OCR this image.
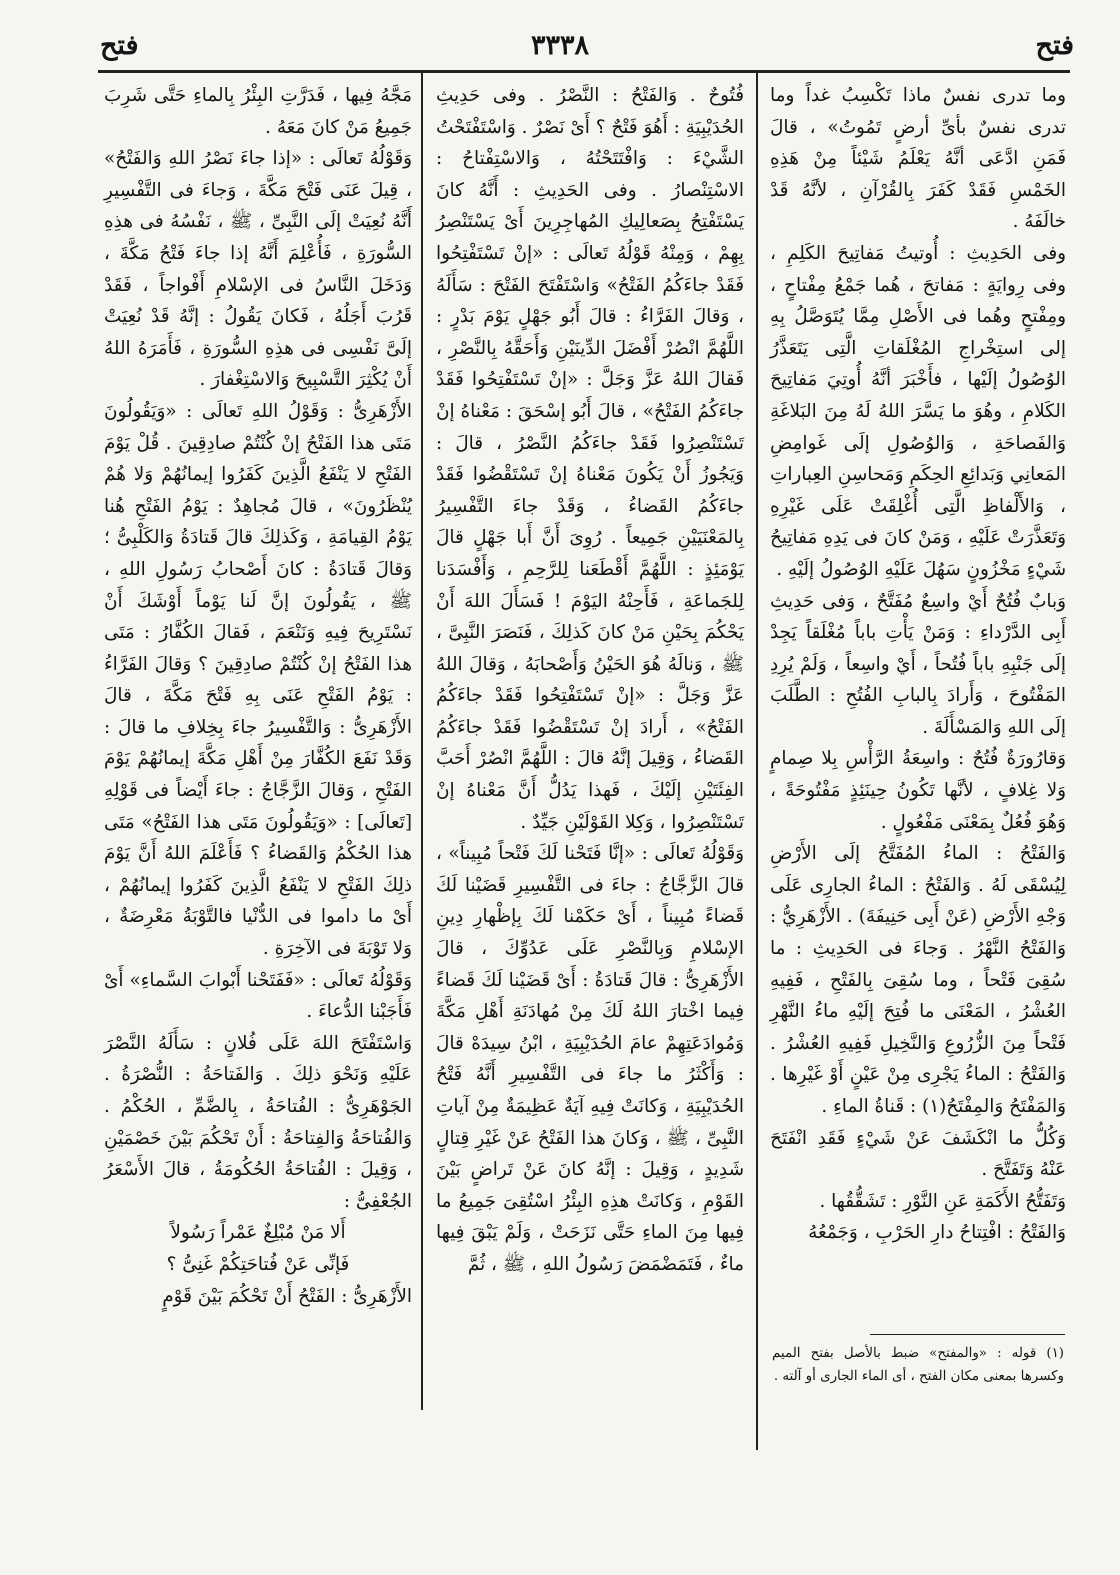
فتح
٣٣٣٨
فتح

وما تدرى نفسٌ ماذا تَكْسِبُ غداً وما تدرى نفسٌ بأىِّ أرضٍ تَمُوتُ» ، قالَ فَمَنِ ادَّعَى أنَّهُ يَعْلَمُ شَيْئاً مِنْ هَذِهِ الخَمْسِ فَقَدْ كَفَرَ بِالقُرْآنِ ، لأنَّهُ قَدْ خالَفَهُ .

وفى الحَدِيثِ : أُوتيتُ مَفاتِيحَ الكَلِمِ ، وفى رِوايَةٍ : مَفاتحَ ، هُما جَمْعُ مِفْتاحٍ ، ومِفْتحٍ وهُما فى الأَصْلِ مِمَّا يُتَوَصَّلُ بِهِ إلى استِخْراجِ المُغْلَقاتِ الَّتِى يَتَعَذَّرُ الوُصُولُ إلَيْها ، فأَخْبَرَ أنَّهُ أُوتِيَ مَفاتِيحَ الكَلامِ ، وهُوَ ما يَسَّرَ اللهُ لَهُ مِنَ البَلاغَةِ وَالفَصاحَةِ ، وَالوُصُولِ إلَى غَوامِضِ المَعانِي وَبَدائِعِ الحِكَمِ وَمَحاسِنِ العِباراتِ ، وَالأَلْفاظِ الَّتِى أُغْلِقَتْ عَلَى غَيْرِهِ وَتَعَذَّرَتْ عَلَيْهِ ، وَمَنْ كانَ فى يَدِهِ مَفاتِيحُ شَيْءٍ مَخْزُونٍ سَهُلَ عَلَيْهِ الوُصُولُ إلَيْهِ .

وَبابٌ فُتُحٌ أَيْ واسِعٌ مُفَتَّحٌ ، وَفى حَدِيثِ أَبِى الدَّرْداءِ : وَمَنْ يَأْتِ باباً مُغْلَقاً يَجِدْ إلَى جَنْبِهِ باباً فُتُحاً ، أَيْ واسِعاً ، وَلَمْ يُرِدِ المَفْتُوحَ ، وَأَرادَ بِالبابِ الفُتُحِ : الطَّلَبَ إلَى اللهِ وَالمَسْأَلَةَ .

وَقارُورَةٌ فُتُحٌ : واسِعَةُ الرَّأْسِ بِلا صِمامٍ وَلا غِلافٍ ، لأنَّها تَكُونُ حِينَئِذٍ مَفْتُوحَةً ، وَهُوَ فُعُلٌ بِمَعْنَى مَفْعُولٍ .

وَالفَتْحُ : الماءُ المُفَتَّحُ إلَى الأَرْضِ لِيُسْقَى لَهُ . وَالفَتْحُ : الماءُ الجارِى عَلَى وَجْهِ الأَرْضِ (عَنْ أَبِى حَنِيفَةَ) . الأَزْهَرِيُّ : وَالفَتْحُ النَّهْرُ . وَجاءَ فى الحَدِيثِ : ما سُقِىَ فَتْحاً ، وما سُقِىَ بِالفَتْحِ ، فَفِيهِ العُشْرُ ، المَعْنَى ما فُتِحَ إلَيْهِ ماءُ النَّهْرِ فَتْحاً مِنَ الزُّرُوعِ وَالنَّخِيلِ فَفِيهِ العُشْرُ . وَالفَتْحُ : الماءُ يَجْرِى مِنْ عَيْنٍ أَوْ غَيْرِها . وَالمَفْتَحُ وَالمِفْتَحُ(١) : قَناةُ الماءِ .

وَكُلُّ ما انْكَشَفَ عَنْ شَيْءٍ فَقَدِ انْفَتَحَ عَنْهُ وَتَفَتَّحَ .

وَتَفَتُّحُ الأَكَمَةِ عَنِ النَّوْرِ : تَشَقُّقُها .

وَالفَتْحُ : افْتِتاحُ دارِ الحَرْبِ ، وَجَمْعُهُ

(١) قوله : «والمفتح» ضبط بالأصل بفتح الميم وكسرها بمعنى مكان الفتح ، أى الماء الجارى أو آلته .

فُتُوحٌ . وَالفَتْحُ : النَّصْرُ . وفى حَدِيثِ الحُدَيْبِيَةِ : أَهُوَ فَتْحٌ ؟ أَىْ نَصْرٌ . وَاسْتَفْتَحْتُ الشَّيْءَ : وَافْتَتَحْتُهُ ، وَالاسْتِفْتاحُ : الاسْتِنْصارُ . وفى الحَدِيثِ : أَنَّهُ كانَ يَسْتَفْتِحُ بِصَعالِيكِ المُهاجِرِينَ أَىْ يَسْتَنْصِرُ بِهِمْ ، وَمِنْهُ قَوْلُهُ تَعالَى : «إنْ تَسْتَفْتِحُوا فَقَدْ جاءَكُمُ الفَتْحُ» وَاسْتَفْتَحَ الفَتْحَ : سَأَلَهُ ، وَقالَ الفَرَّاءُ : قالَ أَبُو جَهْلٍ يَوْمَ بَدْرٍ : اللَّهُمَّ انْصُرْ أَفْضَلَ الدِّينَيْنِ وَأَحَقَّهُ بِالنَّصْرِ ، فَقالَ اللهُ عَزَّ وَجَلَّ : «إنْ تَسْتَفْتِحُوا فَقَدْ جاءَكُمُ الفَتْحُ» ، قالَ أَبُو إسْحَقَ : مَعْناهُ إنْ تَسْتَنْصِرُوا فَقَدْ جاءَكُمُ النَّصْرُ ، قالَ : وَيَجُوزُ أَنْ يَكُونَ مَعْناهُ إنْ تَسْتَقْضُوا فَقَدْ جاءَكُمُ القَضاءُ ، وَقَدْ جاءَ التَّفْسِيرُ بِالمَعْنَيَيْنِ جَمِيعاً . رُوِىَ أَنَّ أَبا جَهْلٍ قالَ يَوْمَئِذٍ : اللَّهُمَّ أَقْطَعَنا لِلرَّحِمِ ، وَأَفْسَدَنا لِلجَماعَةِ ، فَأَحِنْهُ اليَوْمَ ! فَسَأَلَ اللهَ أَنْ يَحْكُمَ بِحَيْنِ مَنْ كانَ كَذلِكَ ، فَنَصَرَ النَّبِىَّ ، ﷺ ، وَنالَهُ هُوَ الحَيْنُ وَأَصْحابَهُ ، وَقالَ اللهُ عَزَّ وَجَلَّ : «إنْ تَسْتَفْتِحُوا فَقَدْ جاءَكُمُ الفَتْحُ» ، أَرادَ إنْ تَسْتَقْضُوا فَقَدْ جاءَكُمُ القَضاءُ ، وَقِيلَ إنَّهُ قالَ : اللَّهُمَّ انْصُرْ أَحَبَّ الفِئَتَيْنِ إلَيْكَ ، فَهذا يَدُلُّ أَنَّ مَعْناهُ إنْ تَسْتَنْصِرُوا ، وَكِلا القَوْلَيْنِ جَيِّدٌ .

وَقَوْلُهُ تَعالَى : «إنَّا فَتَحْنا لَكَ فَتْحاً مُبِيناً» ، قالَ الزَّجَّاجُ : جاءَ فى التَّفْسِيرِ قَضَيْنا لَكَ قَضاءً مُبِيناً ، أَىْ حَكَمْنا لَكَ بِإظْهارِ دِينِ الإسْلامِ وَبِالنَّصْرِ عَلَى عَدُوِّكَ ، قالَ الأَزْهَرِىُّ : قالَ قَتادَةُ : أَىْ قَضَيْنا لَكَ قَضاءً فِيما اخْتارَ اللهُ لَكَ مِنْ مُهادَنَةِ أَهْلِ مَكَّةَ وَمُوادَعَتِهِمْ عامَ الحُدَيْبِيَةِ ، ابْنُ سِيدَهْ قالَ : وَأَكْثَرُ ما جاءَ فى التَّفْسِيرِ أَنَّهُ فَتْحُ الحُدَيْبِيَةِ ، وَكانَتْ فِيهِ آيَةٌ عَظِيمَةٌ مِنْ آياتِ النَّبِىِّ ، ﷺ ، وَكانَ هذا الفَتْحُ عَنْ غَيْرِ قِتالٍ شَدِيدٍ ، وَقِيلَ : إنَّهُ كانَ عَنْ تَراضٍ بَيْنَ القَوْمِ ، وَكانَتْ هذِهِ البِئْرُ اسْتُقِىَ جَمِيعُ ما فِيها مِنَ الماءِ حَتَّى نَزَحَتْ ، وَلَمْ يَبْقَ فِيها ماءٌ ، فَتَمَضْمَضَ رَسُولُ اللهِ ، ﷺ ، ثُمَّ

مَجَّهُ فِيها ، فَدَرَّتِ البِئْرُ بِالماءِ حَتَّى شَرِبَ جَمِيعُ مَنْ كانَ مَعَهُ .

وَقَوْلُهُ تَعالَى : «إذا جاءَ نَصْرُ اللهِ وَالفَتْحُ» ، قِيلَ عَنَى فَتْحَ مَكَّةَ ، وَجاءَ فى التَّفْسِيرِ أَنَّهُ نُعِيَتْ إلَى النَّبِىِّ ، ﷺ ، نَفْسُهُ فى هذِهِ السُّورَةِ ، فَأُعْلِمَ أَنَّهُ إذا جاءَ فَتْحُ مَكَّةَ ، وَدَخَلَ النَّاسُ فى الإسْلامِ أَفْواجاً ، فَقَدْ قَرُبَ أَجَلُهُ ، فَكانَ يَقُولُ : إنَّهُ قَدْ نُعِيَتْ إلَىَّ نَفْسِى فى هذِهِ السُّورَةِ ، فَأَمَرَهُ اللهُ أَنْ يُكْثِرَ التَّسْبِيحَ وَالاسْتِغْفارَ .

الأَزْهَرِىُّ : وَقَوْلُ اللهِ تَعالَى : «وَيَقُولُونَ مَتَى هذا الفَتْحُ إنْ كُنْتُمْ صادِقِينَ . قُلْ يَوْمَ الفَتْحِ لا يَنْفَعُ الَّذِينَ كَفَرُوا إيمانُهُمْ وَلا هُمْ يُنْظَرُونَ» ، قالَ مُجاهِدٌ : يَوْمُ الفَتْحِ هُنا يَوْمُ القِيامَةِ ، وَكَذلِكَ قالَ قَتادَةُ وَالكَلْبِىُّ ؛ وَقالَ قَتادَةُ : كانَ أَصْحابُ رَسُولِ اللهِ ، ﷺ ، يَقُولُونَ إنَّ لَنا يَوْماً أَوْشَكَ أَنْ نَسْتَرِيحَ فِيهِ وَنَنْعَمَ ، فَقالَ الكُفَّارُ : مَتَى هذا الفَتْحُ إنْ كُنْتُمْ صادِقِينَ ؟ وَقالَ الفَرَّاءُ : يَوْمُ الفَتْحِ عَنَى بِهِ فَتْحَ مَكَّةَ ، قالَ الأَزْهَرِىُّ : وَالتَّفْسِيرُ جاءَ بِخِلافِ ما قالَ : وَقَدْ نَفَعَ الكُفَّارَ مِنْ أَهْلِ مَكَّةَ إيمانُهُمْ يَوْمَ الفَتْحِ ، وَقالَ الزَّجَّاجُ : جاءَ أَيْضاً فى قَوْلِهِ [تَعالَى] : «وَيَقُولُونَ مَتَى هذا الفَتْحُ» مَتَى هذا الحُكْمُ وَالقَضاءُ ؟ فَأَعْلَمَ اللهُ أَنَّ يَوْمَ ذلِكَ الفَتْحِ لا يَنْفَعُ الَّذِينَ كَفَرُوا إيمانُهُمْ ، أَىْ ما داموا فى الدُّنْيا فالتَّوْبَةُ مَعْرِضَةٌ ، وَلا تَوْبَةَ فى الآخِرَةِ .

وَقَوْلُهُ تَعالَى : «فَفَتَحْنا أَبْوابَ السَّماءِ» أَىْ فَأَجَبْنا الدُّعاءَ .

وَاسْتَفْتَحَ اللهَ عَلَى فُلانٍ : سَأَلَهُ النَّصْرَ عَلَيْهِ وَنَحْوَ ذلِكَ . وَالفَتاحَةُ : النُّصْرَةُ . الجَوْهَرِىُّ : الفُتاحَةُ ، بِالضَّمِّ ، الحُكْمُ . وَالفُتاحَةُ وَالفِتاحَةُ : أَنْ تَحْكُمَ بَيْنَ خَصْمَيْنِ ، وَقِيلَ : الفُتاحَةُ الحُكُومَةُ ، قالَ الأَسْعَرُ الجُعْفِىُّ :

أَلا مَنْ مُبْلِغٌ عَمْراً رَسُولاً

فَإنِّى عَنْ فُتاحَتِكُمْ غَنِىُّ ؟

الأَزْهَرِىُّ : الفَتْحُ أَنْ تَحْكُمَ بَيْنَ قَوْمٍ
